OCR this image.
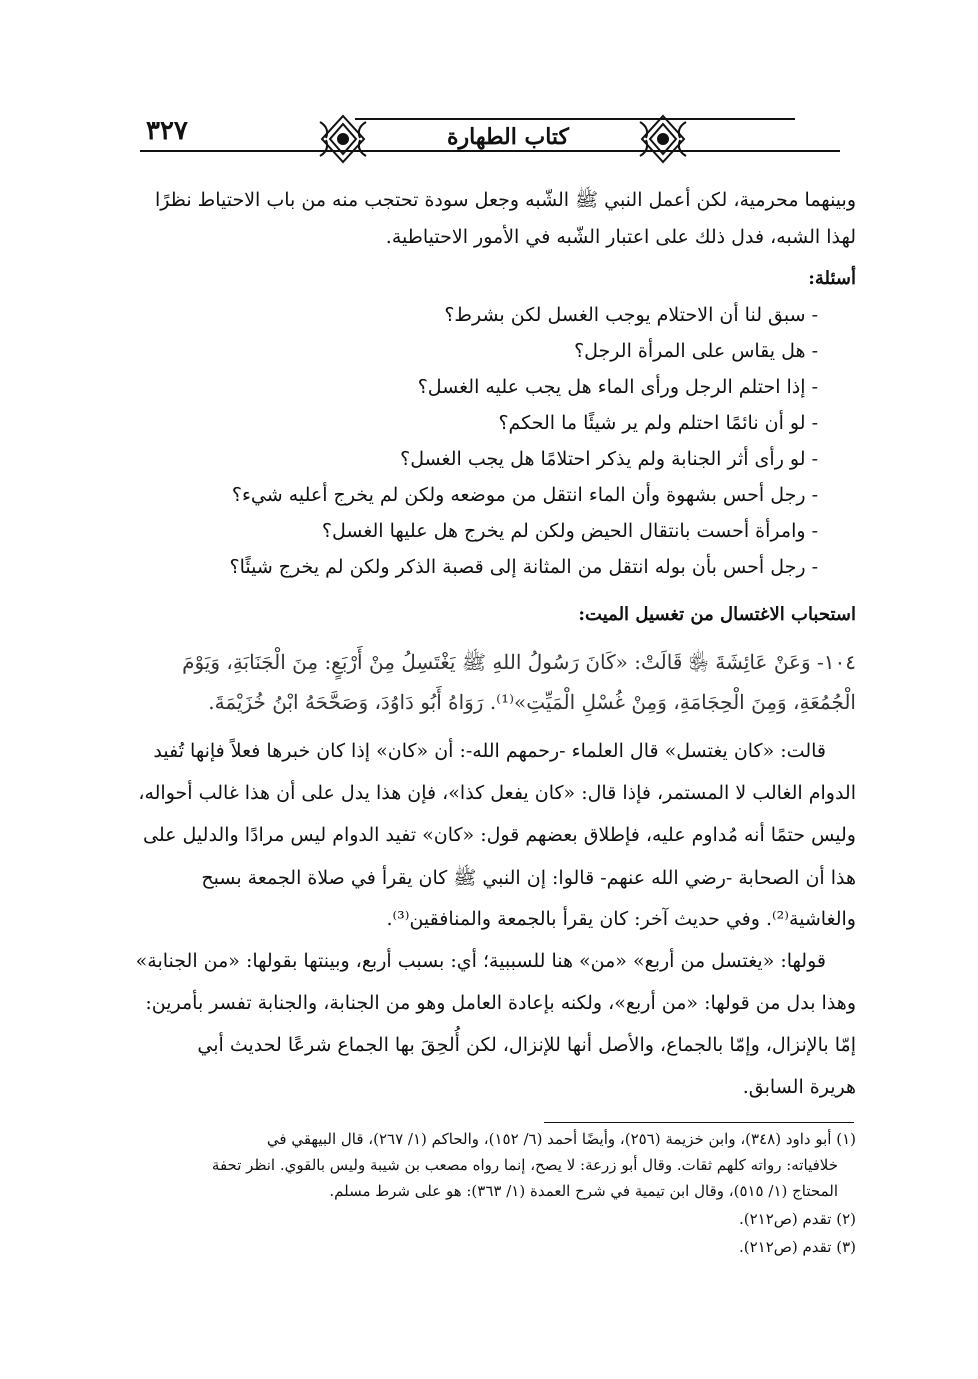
٣٢٧	كتاب الطهارة
وبينهما محرمية، لكن أعمل النبي ﷺ الشّبه وجعل سودة تحتجب منه من باب الاحتياط نظرًا
لهذا الشبه، فدل ذلك على اعتبار الشّبه في الأمور الاحتياطية.
أسئلة:
- سبق لنا أن الاحتلام يوجب الغسل لكن بشرط؟
- هل يقاس على المرأة الرجل؟
- إذا احتلم الرجل ورأى الماء هل يجب عليه الغسل؟
- لو أن نائمًا احتلم ولم ير شيئًا ما الحكم؟
- لو رأى أثر الجنابة ولم يذكر احتلامًا هل يجب الغسل؟
- رجل أحس بشهوة وأن الماء انتقل من موضعه ولكن لم يخرج أعليه شيء؟
- وامرأة أحست بانتقال الحيض ولكن لم يخرج هل عليها الغسل؟
- رجل أحس بأن بوله انتقل من المثانة إلى قصبة الذكر ولكن لم يخرج شيئًا؟
استحباب الاغتسال من تغسيل الميت:
١٠٤- وَعَنْ عَائِشَةَ ﵂ قَالَتْ: «كَانَ رَسُولُ اللهِ ﷺ يَغْتَسِلُ مِنْ أَرْبَعٍ: مِنَ الْجَنَابَةِ، وَيَوْمَ
الْجُمُعَةِ، وَمِنَ الْحِجَامَةِ، وَمِنْ غُسْلِ الْمَيِّتِ»⁽¹⁾. رَوَاهُ أَبُو دَاوُدَ، وَصَحَّحَهُ ابْنُ خُزَيْمَةَ.
قالت: «كان يغتسل» قال العلماء -رحمهم الله-: أن «كان» إذا كان خبرها فعلاً فإنها تُفيد
الدوام الغالب لا المستمر، فإذا قال: «كان يفعل كذا»، فإن هذا يدل على أن هذا غالب أحواله،
وليس حتمًا أنه مُداوم عليه، فإطلاق بعضهم قول: «كان» تفيد الدوام ليس مرادًا والدليل على
هذا أن الصحابة -رضي الله عنهم- قالوا: إن النبي ﷺ كان يقرأ في صلاة الجمعة بسبح
والغاشية⁽²⁾. وفي حديث آخر: كان يقرأ بالجمعة والمنافقين⁽³⁾.
قولها: «يغتسل من أربع» «من» هنا للسببية؛ أي: بسبب أربع، وبينتها بقولها: «من الجنابة»
وهذا بدل من قولها: «من أربع»، ولكنه بإعادة العامل وهو من الجنابة، والجنابة تفسر بأمرين:
إمّا بالإنزال، وإمّا بالجماع، والأصل أنها للإنزال، لكن أُلحِقَ بها الجماع شرعًا لحديث أبي
هريرة السابق.
(١) أبو داود (٣٤٨)، وابن خزيمة (٢٥٦)، وأيضًا أحمد (٦/ ١٥٢)، والحاكم (١/ ٢٦٧)، قال البيهقي في
خلافياته: رواته كلهم ثقات. وقال أبو زرعة: لا يصح، إنما رواه مصعب بن شيبة وليس بالقوي. انظر تحفة
المحتاج (١/ ٥١٥)، وقال ابن تيمية في شرح العمدة (١/ ٣٦٣): هو على شرط مسلم.
(٢) تقدم (ص٢١٢).
(٣) تقدم (ص٢١٢).
